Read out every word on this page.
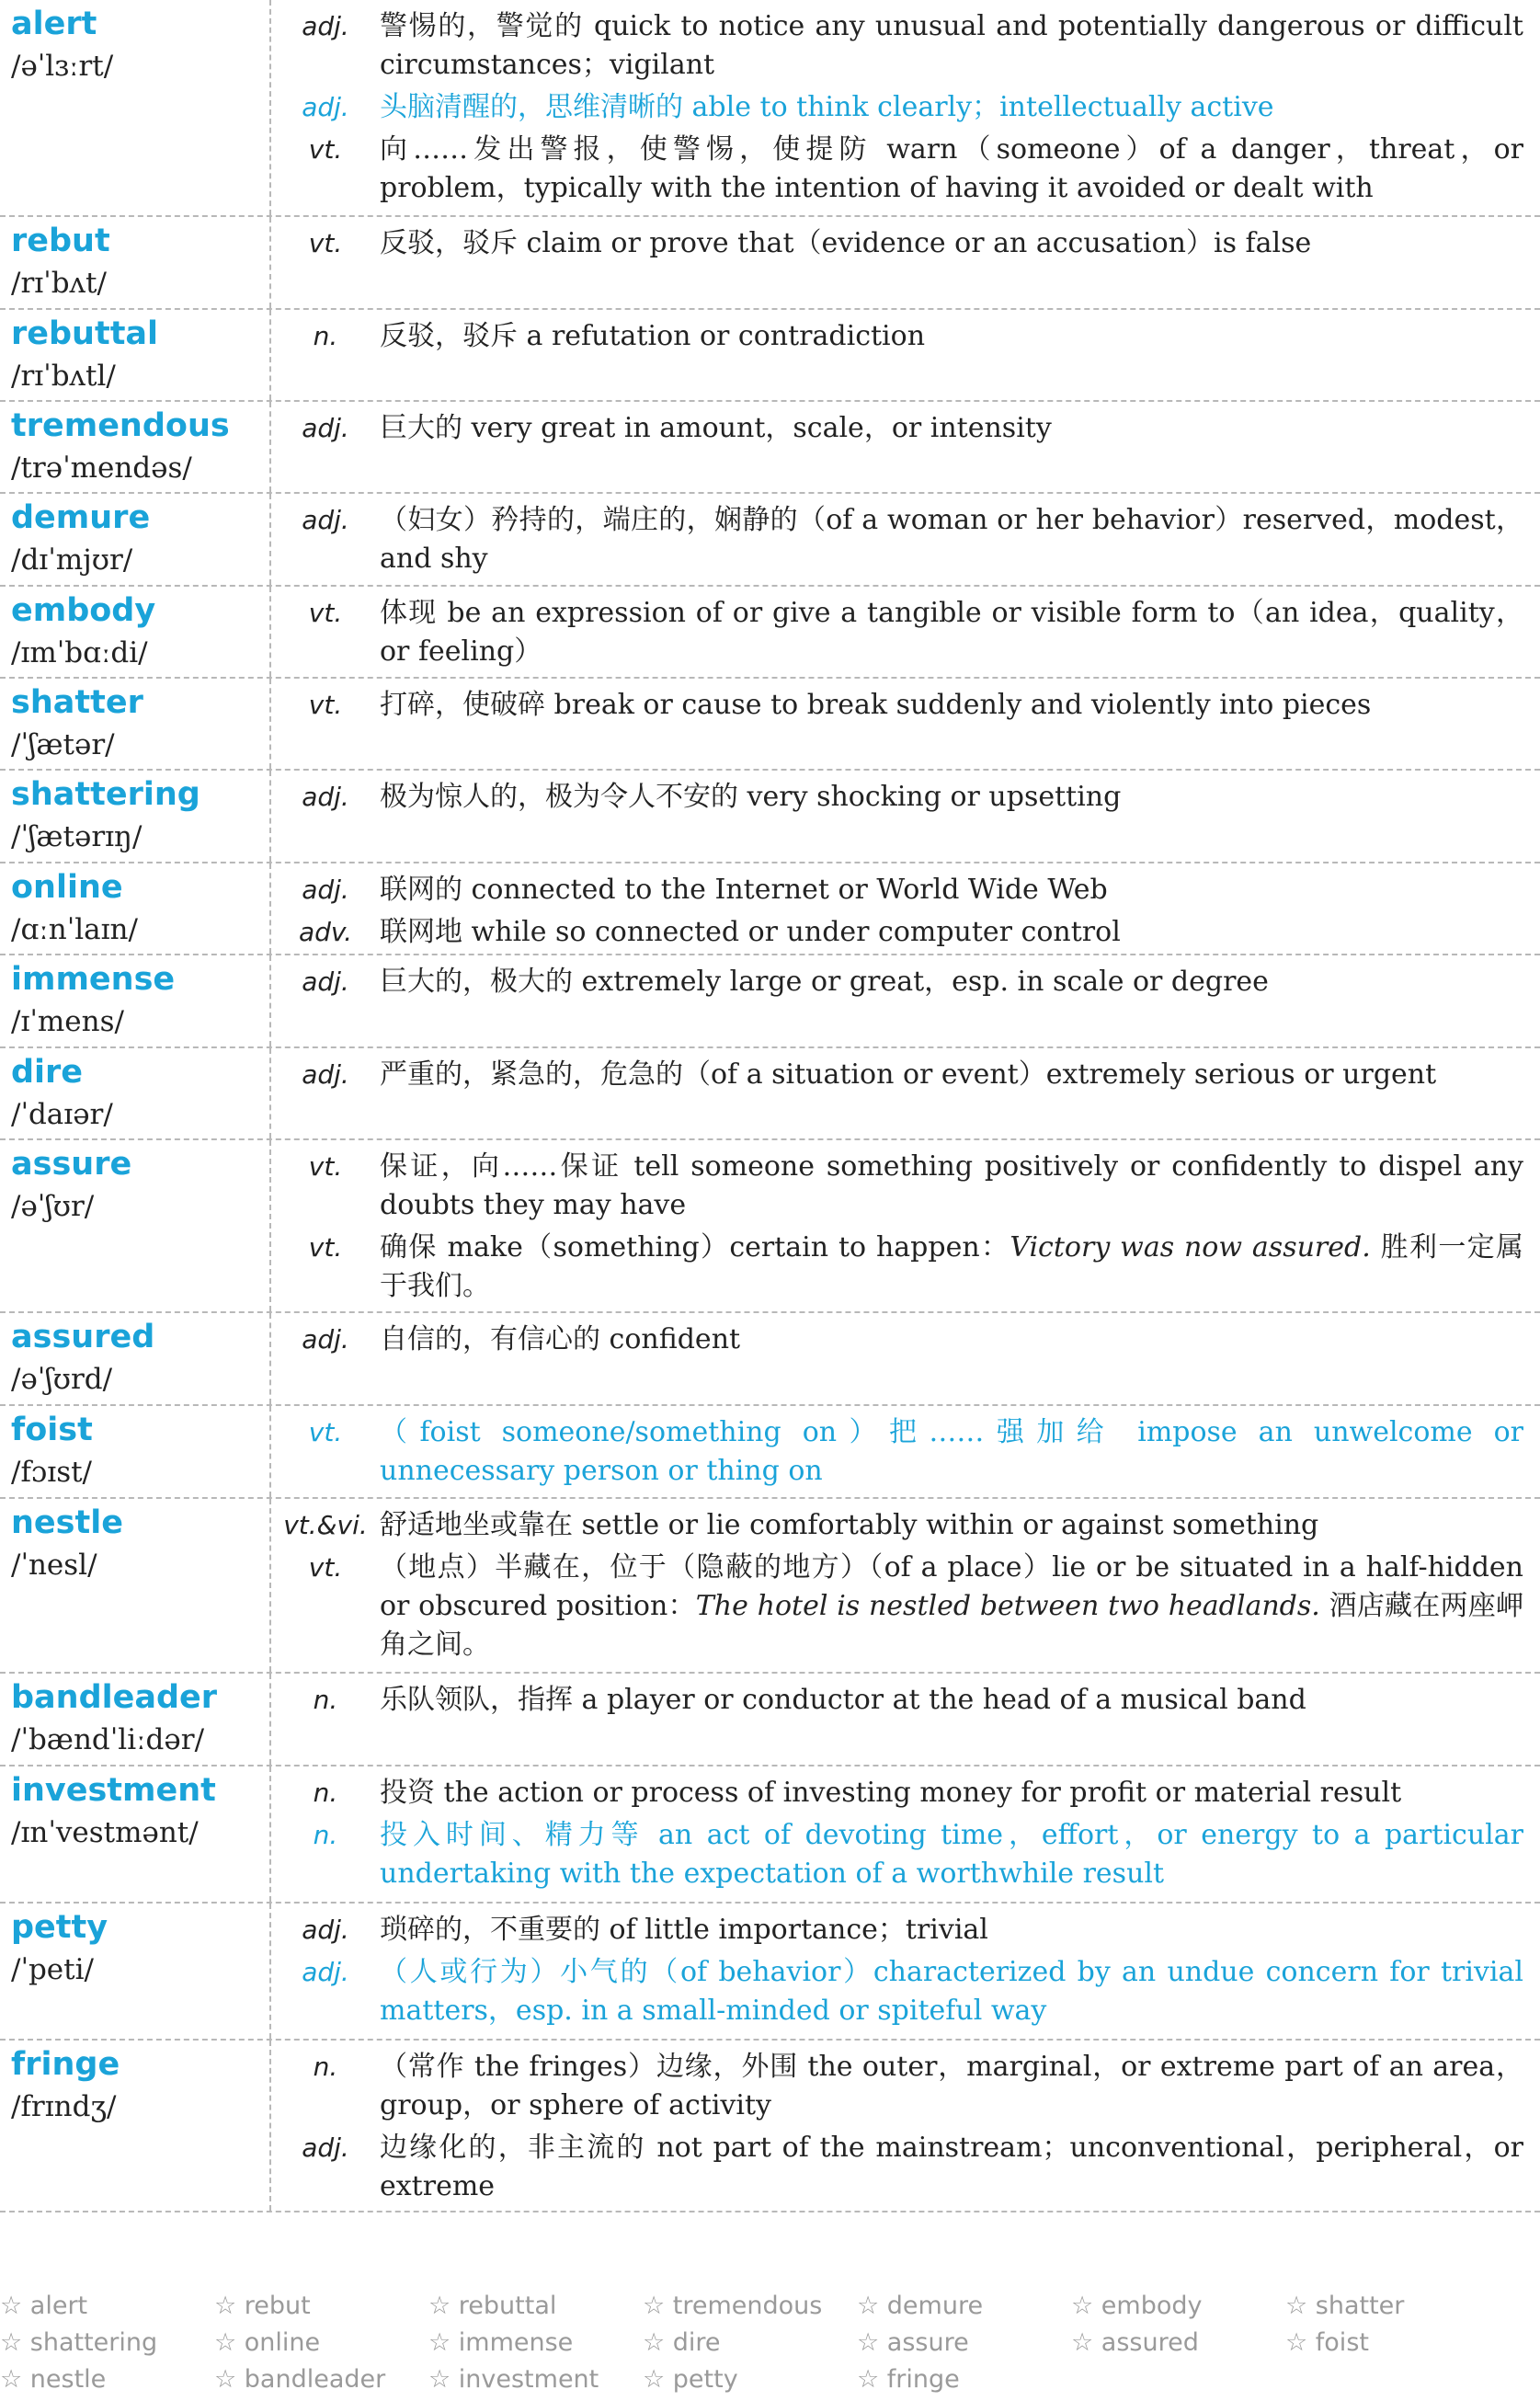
alert
/əˈlɜːrt/
adj.	警惕的，警觉的 quick to notice any unusual and potentially dangerous or difficult circumstances；vigilant
adj.	头脑清醒的，思维清晰的 able to think clearly；intellectually active
vt.	向……发出警报，使警惕，使提防 warn（someone）of a danger，threat，or problem，typically with the intention of having it avoided or dealt with
rebut
/rɪˈbʌt/
vt.	反驳，驳斥 claim or prove that（evidence or an accusation）is false
rebuttal
/rɪˈbʌtl/
n.	反驳，驳斥 a refutation or contradiction
tremendous
/trəˈmendəs/
adj.	巨大的 very great in amount，scale，or intensity
demure
/dɪˈmjʊr/
adj.	（妇女）矜持的，端庄的，娴静的（of a woman or her behavior）reserved，modest，and shy
embody
/ɪmˈbɑːdi/
vt.	体现 be an expression of or give a tangible or visible form to（an idea，quality，or feeling）
shatter
/ˈʃætər/
vt.	打碎，使破碎 break or cause to break suddenly and violently into pieces
shattering
/ˈʃætərɪŋ/
adj.	极为惊人的，极为令人不安的 very shocking or upsetting
online
/ɑːnˈlaɪn/
adj.	联网的 connected to the Internet or World Wide Web
adv. 联网地 while so connected or under computer control
immense
/ɪˈmens/
adj.	巨大的，极大的 extremely large or great，esp. in scale or degree
dire
/ˈdaɪər/
adj.	严重的，紧急的，危急的（of a situation or event）extremely serious or urgent
assure
/əˈʃʊr/
vt.	保证，向……保证 tell someone something positively or confidently to dispel any doubts they may have
vt.	确保 make（something）certain to happen：Victory was now assured. 胜利一定属于我们。
assured
/əˈʃʊrd/
adj.	自信的，有信心的 confident
foist
/fɔɪst/
vt.	（foist someone/something on）把……强加给 impose an unwelcome or unnecessary person or thing on
nestle
/ˈnesl/
vt.&vi. 舒适地坐或靠在 settle or lie comfortably within or against something
vt.	（地点）半藏在，位于（隐蔽的地方）（of a place）lie or be situated in a half-hidden or obscured position：The hotel is nestled between two headlands. 酒店藏在两座岬角之间。
bandleader
/ˈbændˈliːdər/
n.	乐队领队，指挥 a player or conductor at the head of a musical band
investment
/ɪnˈvestmənt/
n.	投资 the action or process of investing money for profit or material result
n.	投入时间、精力等 an act of devoting time，effort，or energy to a particular undertaking with the expectation of a worthwhile result
petty
/ˈpeti/
adj.	琐碎的，不重要的 of little importance；trivial
adj.	（人或行为）小气的（of behavior）characterized by an undue concern for trivial matters，esp. in a small-minded or spiteful way
fringe
/frɪndʒ/
n.	（常作 the fringes）边缘，外围 the outer，marginal，or extreme part of an area，group，or sphere of activity
adj.	边缘化的，非主流的 not part of the mainstream；unconventional，peripheral，or extreme
☆ alert	☆ rebut	☆ rebuttal	☆ tremendous	☆ demure	☆ embody	☆ shatter
☆ shattering	☆ online	☆ immense	☆ dire	☆ assure	☆ assured	☆ foist
☆ nestle	☆ bandleader	☆ investment	☆ petty	☆ fringe
